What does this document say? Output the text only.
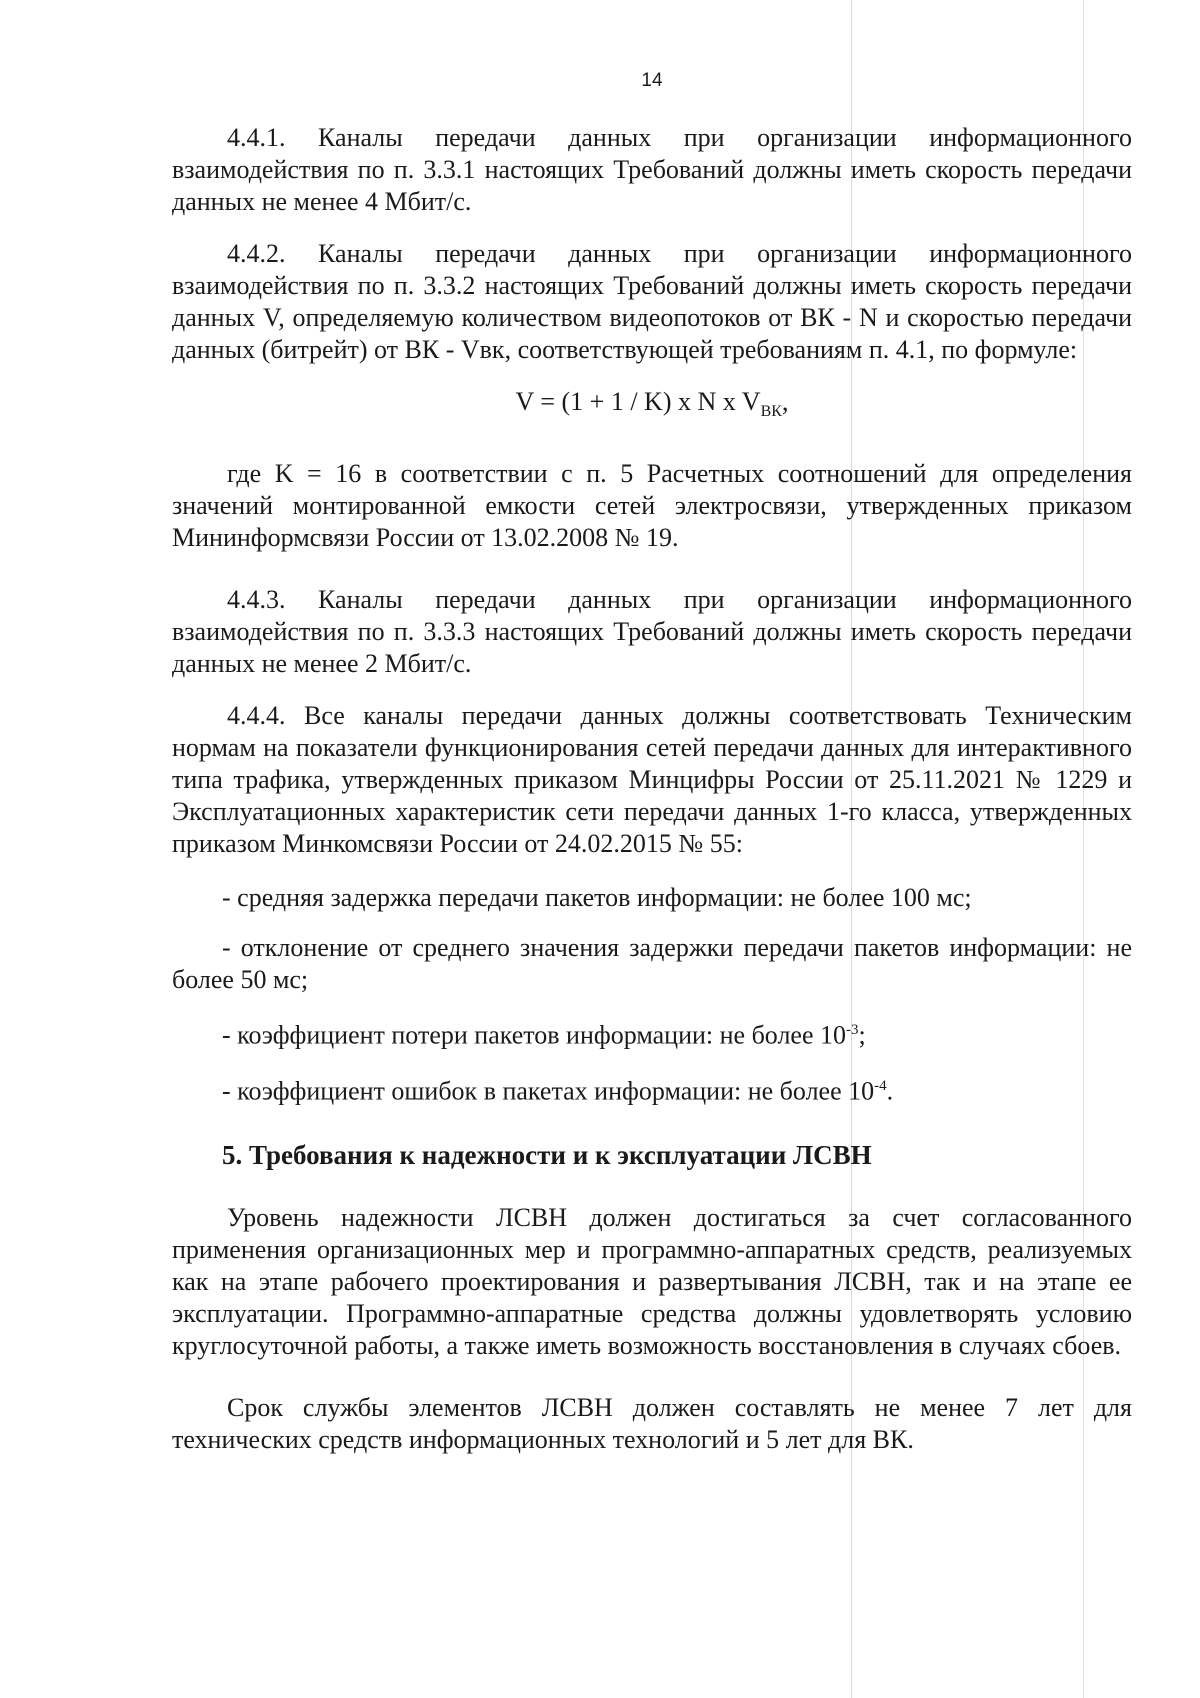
14

4.4.1. Каналы передачи данных при организации информационного взаимодействия по п. 3.3.1 настоящих Требований должны иметь скорость передачи данных не менее 4 Мбит/с.

4.4.2. Каналы передачи данных при организации информационного взаимодействия по п. 3.3.2 настоящих Требований должны иметь скорость передачи данных V, определяемую количеством видеопотоков от ВК - N и скоростью передачи данных (битрейт) от ВК - Vвк, соответствующей требованиям п. 4.1, по формуле:

V = (1 + 1 / K) x N x $V_{ВК}$,

где K = 16 в соответствии с п. 5 Расчетных соотношений для определения значений монтированной емкости сетей электросвязи, утвержденных приказом Мининформсвязи России от 13.02.2008 № 19.

4.4.3. Каналы передачи данных при организации информационного взаимодействия по п. 3.3.3 настоящих Требований должны иметь скорость передачи данных не менее 2 Мбит/с.

4.4.4. Все каналы передачи данных должны соответствовать Техническим нормам на показатели функционирования сетей передачи данных для интерактивного типа трафика, утвержденных приказом Минцифры России от 25.11.2021 № 1229 и Эксплуатационных характеристик сети передачи данных 1-го класса, утвержденных приказом Минкомсвязи России от 24.02.2015 № 55:

- средняя задержка передачи пакетов информации: не более 100 мс;
- отклонение от среднего значения задержки передачи пакетов информации: не более 50 мс;
- коэффициент потери пакетов информации: не более $10^{-3}$;
- коэффициент ошибок в пакетах информации: не более $10^{-4}$.
5. Требования к надежности и к эксплуатации ЛСВН

Уровень надежности ЛСВН должен достигаться за счет согласованного применения организационных мер и программно-аппаратных средств, реализуемых как на этапе рабочего проектирования и развертывания ЛСВН, так и на этапе ее эксплуатации. Программно-аппаратные средства должны удовлетворять условию круглосуточной работы, а также иметь возможность восстановления в случаях сбоев.

Срок службы элементов ЛСВН должен составлять не менее 7 лет для технических средств информационных технологий и 5 лет для ВК.
